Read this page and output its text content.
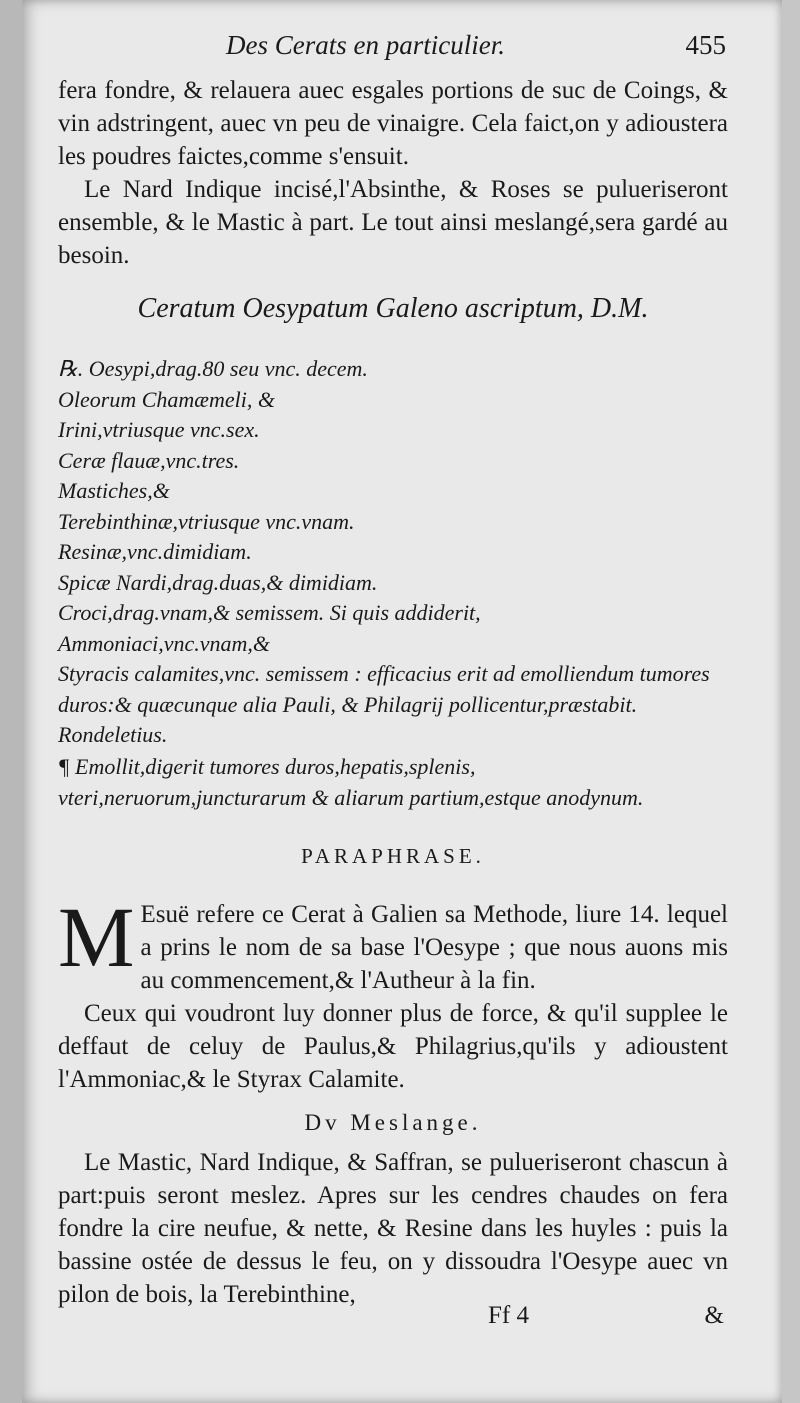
Des Cerats en particulier.	455

fera fondre, & relauera auec esgales portions de suc de Coings, & vin adstringent, auec vn peu de vinaigre. Cela faict,on y adioustera les poudres faictes,comme s'ensuit.

Le Nard Indique incisé,l'Absinthe, & Roses se pulueriseront ensemble, & le Mastic à part. Le tout ainsi meslangé,sera gardé au besoin.

Ceratum Oesypatum Galeno ascriptum, D.M.
℞. Oesypi,drag.80 seu vnc. decem.
Oleorum Chamæmeli, &
Irini,vtriusque vnc.sex.
Ceræ flauæ,vnc.tres.
Mastiches,&
Terebinthinæ,vtriusque vnc.vnam.
Resinæ,vnc.dimidiam.
Spicæ Nardi,drag.duas,& dimidiam.
Croci,drag.vnam,& semissem. Si quis addiderit,
Ammoniaci,vnc.vnam,&
Styracis calamites,vnc. semissem : efficacius erit ad emolliendum tumores duros:& quæcunque alia Pauli, & Philagrij pollicentur,præstabit. Rondeletius.
¶ Emollit,digerit tumores duros,hepatis,splenis, vteri,neruorum,juncturarum & aliarum partium,estque anodynum.
PARAPHRASE.

M Esuë refere ce Cerat à Galien sa Methode, liure 14. lequel a prins le nom de sa base l'Oesype ; que nous auons mis au commencement,& l'Autheur à la fin.

Ceux qui voudront luy donner plus de force, & qu'il supplee le deffaut de celuy de Paulus,& Philagrius,qu'ils y adioustent l'Ammoniac,& le Styrax Calamite.

Dv Meslange.

Le Mastic, Nard Indique, & Saffran, se pulueriseront chascun à part:puis seront meslez. Apres sur les cendres chaudes on fera fondre la cire neufue, & nette, & Resine dans les huyles : puis la bassine ostée de dessus le feu, on y dissoudra l'Oesype auec vn pilon de bois, la Terebinthine,

Ff 4	&
